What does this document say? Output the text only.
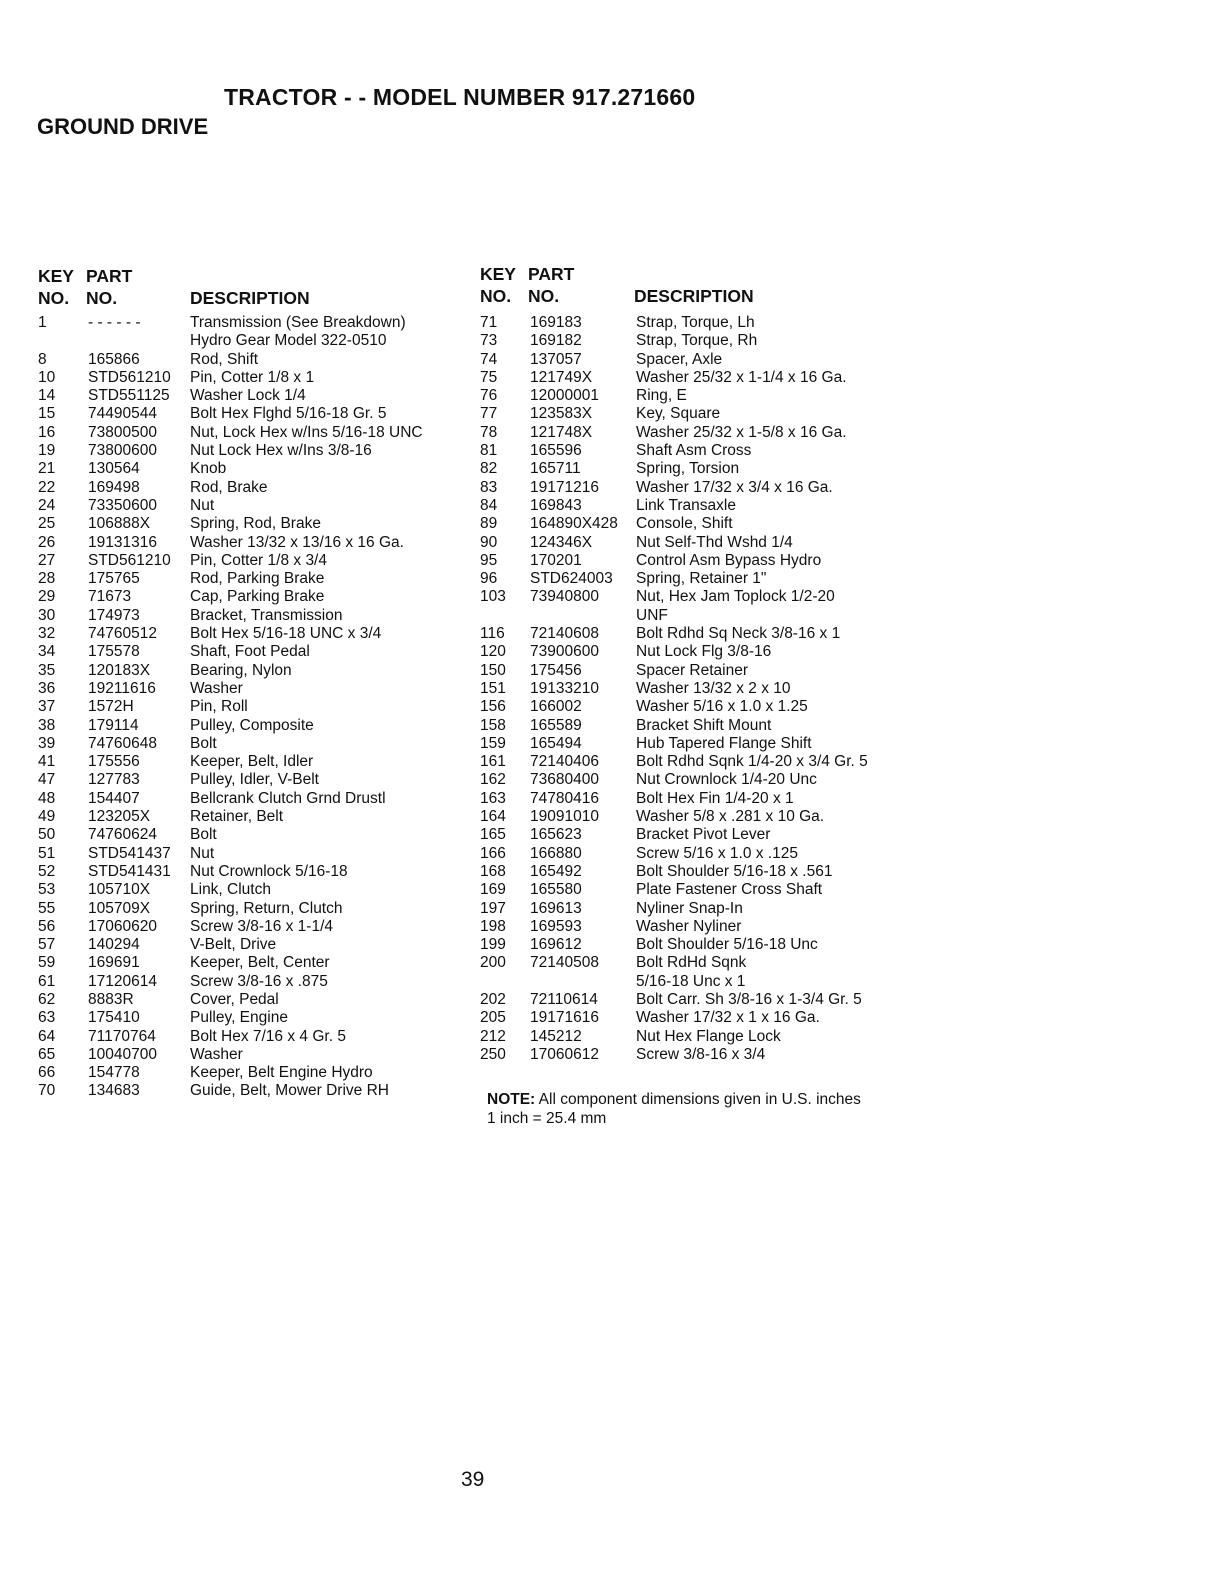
TRACTOR - - MODEL NUMBER 917.271660
GROUND DRIVE
KEY PART
NO. NO.	DESCRIPTION
1	- - - - - -	Transmission (See Breakdown)
Hydro Gear Model 322-0510
8	165866	Rod, Shift
10 STD561210 Pin, Cotter 1/8 x 1
14 STD551125 Washer Lock 1/4
15 74490544 Bolt Hex Flghd 5/16-18 Gr. 5
16 73800500 Nut, Lock Hex w/Ins 5/16-18 UNC
19 73800600 Nut Lock Hex w/Ins 3/8-16
21 130564	Knob
22 169498	Rod, Brake
24 73350600 Nut
25 106888X	Spring, Rod, Brake
26 19131316 Washer 13/32 x 13/16 x 16 Ga.
27 STD561210 Pin, Cotter 1/8 x 3/4
28 175765	Rod, Parking Brake
29 71673	Cap, Parking Brake
30 174973	Bracket, Transmission
32 74760512 Bolt Hex 5/16-18 UNC x 3/4
34 175578	Shaft, Foot Pedal
35 120183X	Bearing, Nylon
36 19211616 Washer
37 1572H	Pin, Roll
38 179114	Pulley, Composite
39 74760648 Bolt
41 175556	Keeper, Belt, Idler
47 127783	Pulley, Idler, V-Belt
48 154407	Bellcrank Clutch Grnd Drustl
49 123205X	Retainer, Belt
50 74760624 Bolt
51 STD541437 Nut
52 STD541431 Nut Crownlock 5/16-18
53 105710X	Link, Clutch
55 105709X	Spring, Return, Clutch
56 17060620 Screw 3/8-16 x 1-1/4
57 140294	V-Belt, Drive
59 169691	Keeper, Belt, Center
61 17120614 Screw 3/8-16 x .875
62 8883R	Cover, Pedal
63 175410	Pulley, Engine
64 71170764 Bolt Hex 7/16 x 4 Gr. 5
65 10040700 Washer
66 154778	Keeper, Belt Engine Hydro
70 134683	Guide, Belt, Mower Drive RH
KEY PART
NO. NO.	DESCRIPTION
71 169183	Strap, Torque, Lh
73 169182	Strap, Torque, Rh
74 137057	Spacer, Axle
75 121749X	Washer 25/32 x 1-1/4 x 16 Ga.
76 12000001 Ring, E
77 123583X	Key, Square
78 121748X	Washer 25/32 x 1-5/8 x 16 Ga.
81 165596	Shaft Asm Cross
82 165711	Spring, Torsion
83 19171216 Washer 17/32 x 3/4 x 16 Ga.
84 169843	Link Transaxle
89 164890X428 Console, Shift
90 124346X	Nut Self-Thd Wshd 1/4
95 170201	Control Asm Bypass Hydro
96 STD624003 Spring, Retainer 1"
103 73940800 Nut, Hex Jam Toplock 1/2-20
UNF
116 72140608 Bolt Rdhd Sq Neck 3/8-16 x 1
120 73900600 Nut Lock Flg 3/8-16
150 175456	Spacer Retainer
151 19133210 Washer 13/32 x 2 x 10
156 166002	Washer 5/16 x 1.0 x 1.25
158 165589	Bracket Shift Mount
159 165494	Hub Tapered Flange Shift
161 72140406 Bolt Rdhd Sqnk 1/4-20 x 3/4 Gr. 5
162 73680400 Nut Crownlock 1/4-20 Unc
163 74780416 Bolt Hex Fin 1/4-20 x 1
164 19091010 Washer 5/8 x .281 x 10 Ga.
165 165623	Bracket Pivot Lever
166 166880	Screw 5/16 x 1.0 x .125
168 165492	Bolt Shoulder 5/16-18 x .561
169 165580	Plate Fastener Cross Shaft
197 169613	Nyliner Snap-In
198 169593	Washer Nyliner
199 169612	Bolt Shoulder 5/16-18 Unc
200 72140508 Bolt RdHd Sqnk
5/16-18 Unc x 1
202 72110614 Bolt Carr. Sh 3/8-16 x 1-3/4 Gr. 5
205 19171616 Washer 17/32 x 1 x 16 Ga.
212 145212	Nut Hex Flange Lock
250 17060612 Screw 3/8-16 x 3/4
NOTE: All component dimensions given in U.S. inches
1 inch = 25.4 mm
39
